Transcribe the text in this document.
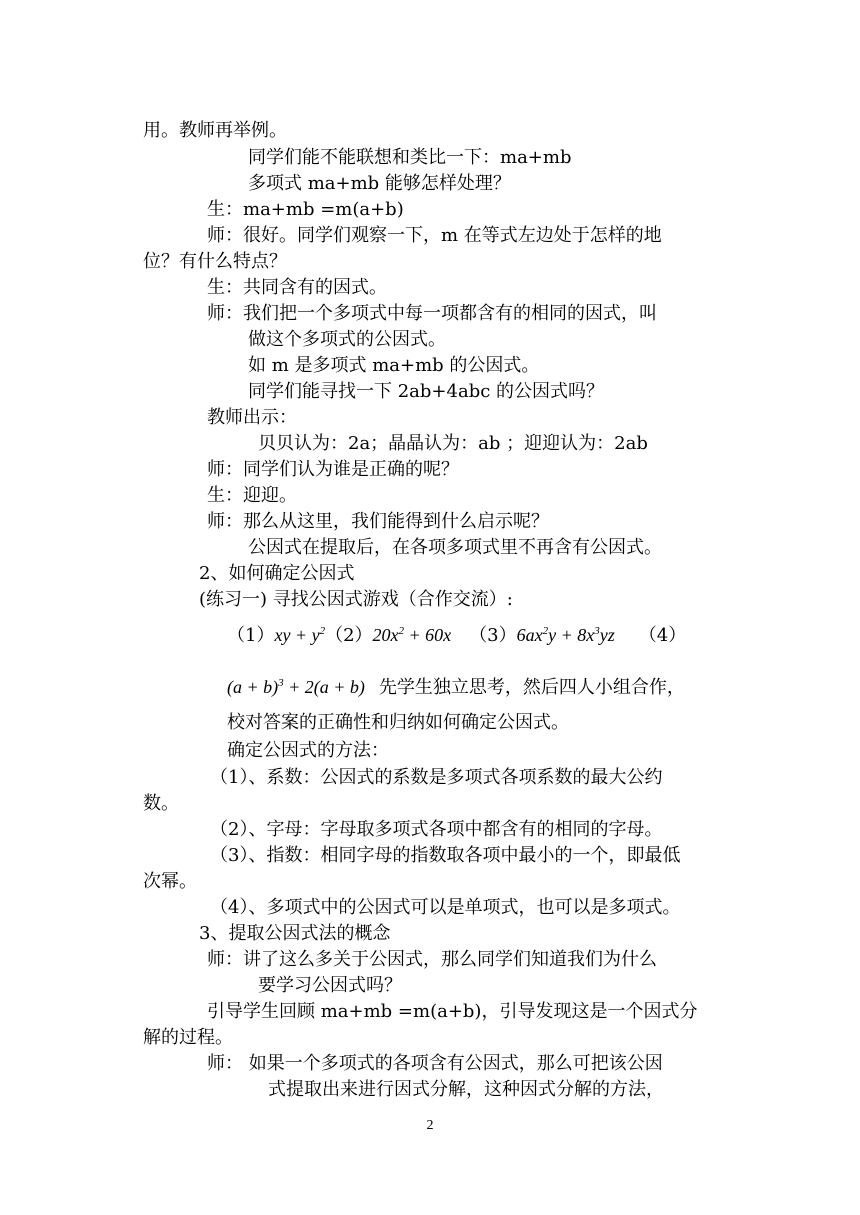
用。教师再举例。
同学们能不能联想和类比一下：ma+mb
多项式 ma+mb 能够怎样处理？
生：ma+mb =m(a+b)
师：很好。同学们观察一下，m 在等式左边处于怎样的地
位？有什么特点？
生：共同含有的因式。
师：我们把一个多项式中每一项都含有的相同的因式，叫
做这个多项式的公因式。
如 m 是多项式 ma+mb 的公因式。
同学们能寻找一下 2ab+4abc 的公因式吗？
教师出示：
贝贝认为：2a；晶晶认为：ab ；迎迎认为：2ab
师：同学们认为谁是正确的呢？
生：迎迎。
师：那么从这里，我们能得到什么启示呢？
公因式在提取后，在各项多项式里不再含有公因式。
2、如何确定公因式
(练习一) 寻找公因式游戏（合作交流）:
$(1)xy + y^2(2)20x^2 + 60x$ $(3)6ax^2y + 8x^3yz$ （4）
$(a + b)^3 + 2(a + b)$ 先学生独立思考，然后四人小组合作，
校对答案的正确性和归纳如何确定公因式。
确定公因式的方法：
（1）、系数：公因式的系数是多项式各项系数的最大公约
数。
（2）、字母：字母取多项式各项中都含有的相同的字母。
（3）、指数：相同字母的指数取各项中最小的一个，即最低
次幂。
（4）、多项式中的公因式可以是单项式，也可以是多项式。
3、提取公因式法的概念
师：讲了这么多关于公因式，那么同学们知道我们为什么
要学习公因式吗？
引导学生回顾 ma+mb =m(a+b)，引导发现这是一个因式分
解的过程。
师： 如果一个多项式的各项含有公因式，那么可把该公因
式提取出来进行因式分解，这种因式分解的方法，
2
